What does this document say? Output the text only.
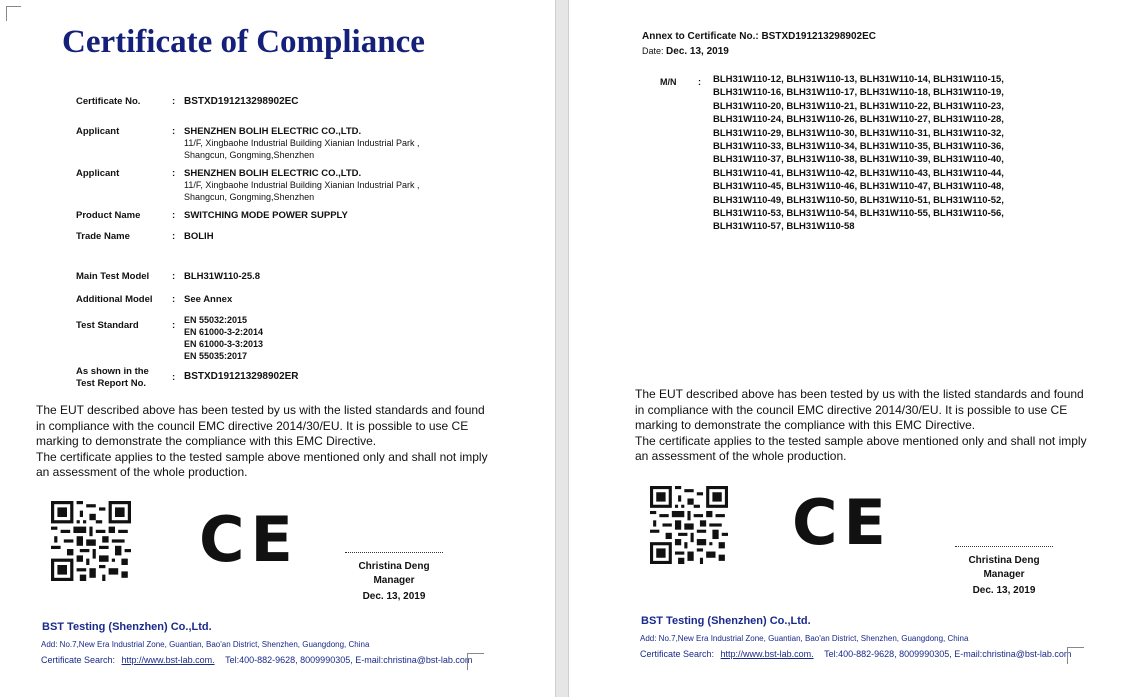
Certificate of Compliance
Certificate No.	: BSTXD191213298902EC
Applicant	: SHENZHEN BOLIH ELECTRIC CO.,LTD.
11/F, Xingbaohe Industrial Building Xianian Industrial Park ,
Shangcun, Gongming,Shenzhen
Applicant	: SHENZHEN BOLIH ELECTRIC CO.,LTD.
11/F, Xingbaohe Industrial Building Xianian Industrial Park ,
Shangcun, Gongming,Shenzhen
Product Name	: SWITCHING MODE POWER SUPPLY
Trade Name	: BOLIH
Main Test Model : BLH31W110-25.8
Additional Model : See Annex
Test Standard	: EN 55032:2015
EN 61000-3-2:2014
EN 61000-3-3:2013
EN 55035:2017
As shown in the
Test Report No.
: BSTXD191213298902ER
The EUT described above has been tested by us with the listed standards and found
in compliance with the council EMC directive 2014/30/EU. It is possible to use CE
marking to demonstrate the compliance with this EMC Directive.
The certificate applies to the tested sample above mentioned only and shall not imply
an assessment of the whole production.
CE	Christina Deng
Manager
Dec. 13, 2019
BST Testing (Shenzhen) Co.,Ltd.
Add: No.7,New Era Industrial Zone, Guantian, Bao'an District, Shenzhen, Guangdong, China
Certificate Search: http://www.bst-lab.com. Tel:400-882-9628, 8009990305, E-mail:christina@bst-lab.com
Annex to Certificate No.: BSTXD191213298902EC
Date: Dec. 13, 2019
M/N : BLH31W110-12, BLH31W110-13, BLH31W110-14, BLH31W110-15, BLH31W110-16, BLH31W110-17, BLH31W110-18, BLH31W110-19, BLH31W110-20, BLH31W110-21, BLH31W110-22, BLH31W110-23, BLH31W110-24, BLH31W110-26, BLH31W110-27, BLH31W110-28, BLH31W110-29, BLH31W110-30, BLH31W110-31, BLH31W110-32, BLH31W110-33, BLH31W110-34, BLH31W110-35, BLH31W110-36, BLH31W110-37, BLH31W110-38, BLH31W110-39, BLH31W110-40, BLH31W110-41, BLH31W110-42, BLH31W110-43, BLH31W110-44, BLH31W110-45, BLH31W110-46, BLH31W110-47, BLH31W110-48, BLH31W110-49, BLH31W110-50, BLH31W110-51, BLH31W110-52, BLH31W110-53, BLH31W110-54, BLH31W110-55, BLH31W110-56, BLH31W110-57, BLH31W110-58
The EUT described above has been tested by us with the listed standards and found
in compliance with the council EMC directive 2014/30/EU. It is possible to use CE
marking to demonstrate the compliance with this EMC Directive.
The certificate applies to the tested sample above mentioned only and shall not imply
an assessment of the whole production.
CE
Christina Deng
Manager
Dec. 13, 2019
BST Testing (Shenzhen) Co.,Ltd.
Add: No.7,New Era Industrial Zone, Guantian, Bao'an District, Shenzhen, Guangdong, China
Certificate Search: http://www.bst-lab.com. Tel:400-882-9628, 8009990305, E-mail:christina@bst-lab.com
